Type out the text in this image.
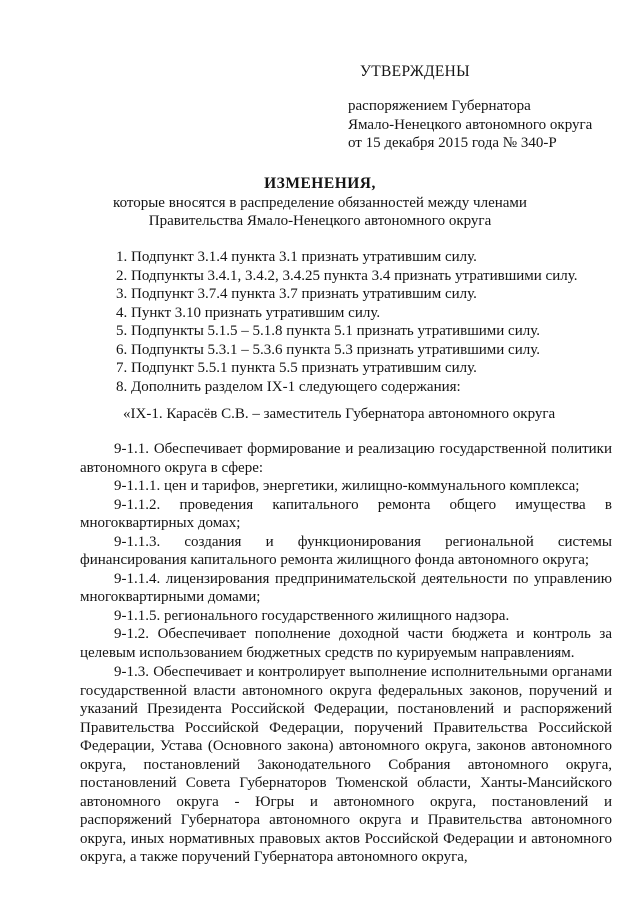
УТВЕРЖДЕНЫ
распоряжением Губернатора
Ямало-Ненецкого автономного округа
от 15 декабря 2015 года № 340-Р
ИЗМЕНЕНИЯ,
которые вносятся в распределение обязанностей между членами
Правительства Ямало-Ненецкого автономного округа
1. Подпункт 3.1.4 пункта 3.1 признать утратившим силу.
2. Подпункты 3.4.1, 3.4.2, 3.4.25 пункта 3.4 признать утратившими силу.
3. Подпункт 3.7.4 пункта 3.7 признать утратившим силу.
4. Пункт 3.10 признать утратившим силу.
5. Подпункты 5.1.5 – 5.1.8 пункта 5.1 признать утратившими силу.
6. Подпункты 5.3.1 – 5.3.6 пункта 5.3 признать утратившими силу.
7. Подпункт 5.5.1 пункта 5.5 признать утратившим силу.
8. Дополнить разделом IX-1 следующего содержания:
«IX-1. Карасёв С.В. – заместитель Губернатора автономного округа

9-1.1. Обеспечивает формирование и реализацию государственной политики автономного округа в сфере:

9-1.1.1. цен и тарифов, энергетики, жилищно-коммунального комплекса;

9-1.1.2. проведения капитального ремонта общего имущества в многоквартирных домах;

9-1.1.3. создания и функционирования региональной системы финансирования капитального ремонта жилищного фонда автономного округа;

9-1.1.4. лицензирования предпринимательской деятельности по управлению многоквартирными домами;

9-1.1.5. регионального государственного жилищного надзора.

9-1.2. Обеспечивает пополнение доходной части бюджета и контроль за целевым использованием бюджетных средств по курируемым направлениям.

9-1.3. Обеспечивает и контролирует выполнение исполнительными органами государственной власти автономного округа федеральных законов, поручений и указаний Президента Российской Федерации, постановлений и распоряжений Правительства Российской Федерации, поручений Правительства Российской Федерации, Устава (Основного закона) автономного округа, законов автономного округа, постановлений Законодательного Собрания автономного округа, постановлений Совета Губернаторов Тюменской области, Ханты-Мансийского автономного округа - Югры и автономного округа, постановлений и распоряжений Губернатора автономного округа и Правительства автономного округа, иных нормативных правовых актов Российской Федерации и автономного округа, а также поручений Губернатора автономного округа,
